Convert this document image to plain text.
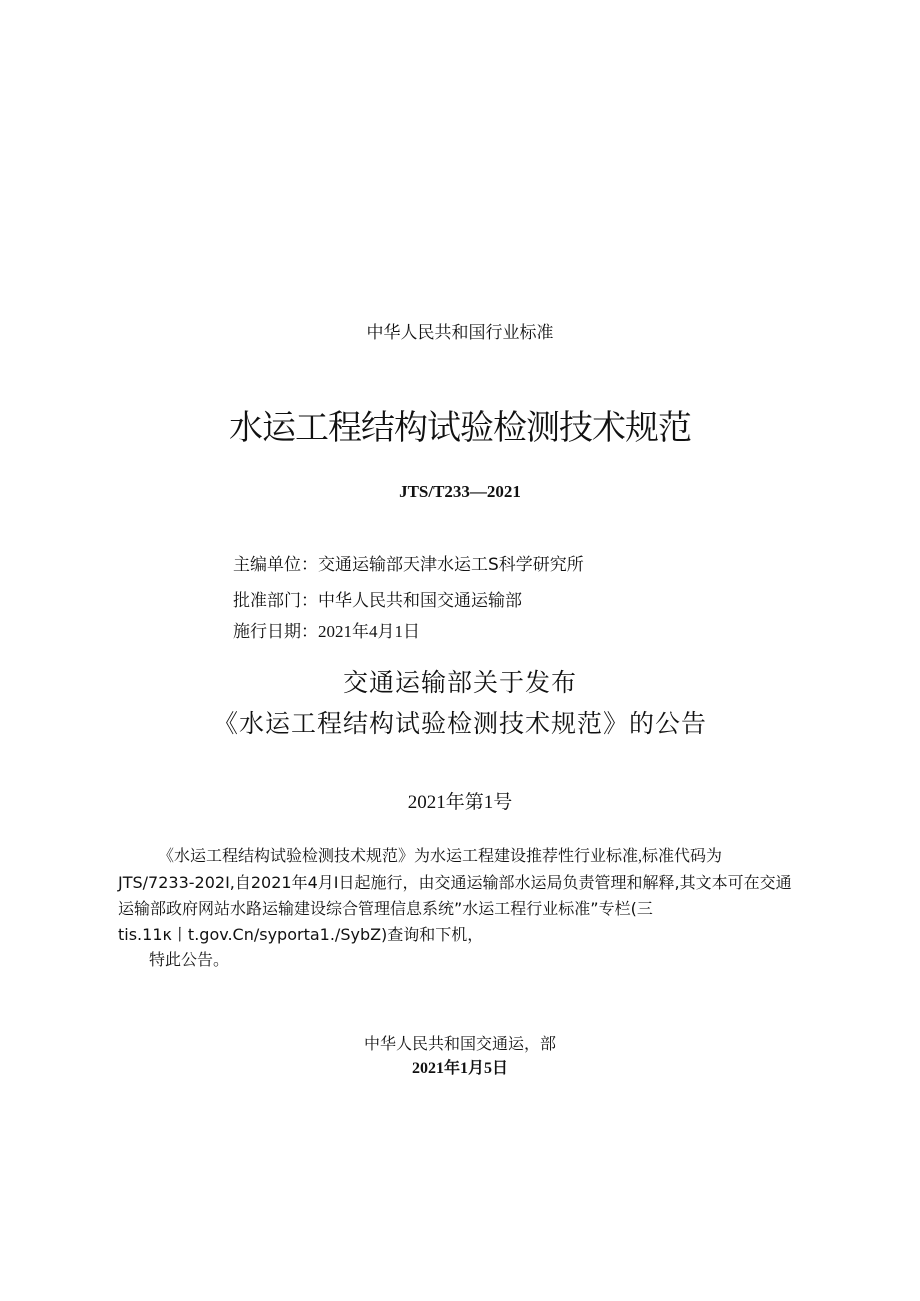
中华人民共和国行业标准
水运工程结构试验检测技术规范
JTS/T233—2021
主编单位：交通运输部天津水运工S科学研究所
批准部门：中华人民共和国交通运输部
施行日期：2021年4月1日
交通运输部关于发布
《水运工程结构试验检测技术规范》的公告
2021年第1号
《水运工程结构试验检测技术规范》为水运工程建设推荐性行业标准,标准代码为
JTS/7233-202I,自2021年4月I日起施行，由交通运输部水运局负责管理和解释,其文本可在交通
运输部政府网站水路运输建设综合管理信息系统”水运工程行业标准”专栏(三
tis.11κ丨t.gov.Cn/syporta1./SybZ)查询和下机，
特此公告。
中华人民共和国交通运，部
2021年1月5日
